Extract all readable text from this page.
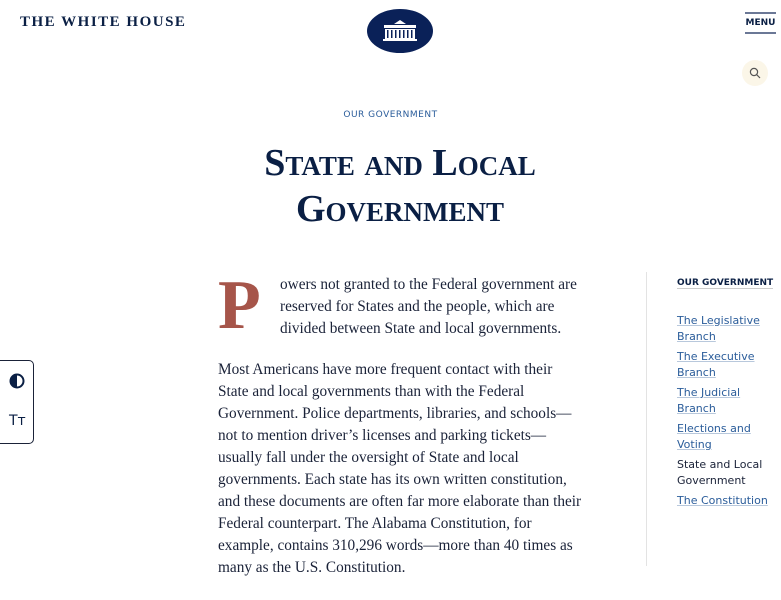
THE WHITE HOUSE	MENU
OUR GOVERNMENT
State and Local Government
P	owers not granted to the Federal government are reserved for States and the people, which are divided between State and local governments.

Most Americans have more frequent contact with their State and local governments than with the Federal Government. Police departments, libraries, and schools—not to mention driver’s licenses and parking tickets—usually fall under the oversight of State and local governments. Each state has its own written constitution, and these documents are often far more elaborate than their Federal counterpart. The Alabama Constitution, for example, contains 310,296 words—more than 40 times as many as the U.S. Constitution.

OUR GOVERNMENT
The Legislative Branch
The Executive Branch
The Judicial Branch
Elections and Voting
State and Local Government
The Constitution
Tт
